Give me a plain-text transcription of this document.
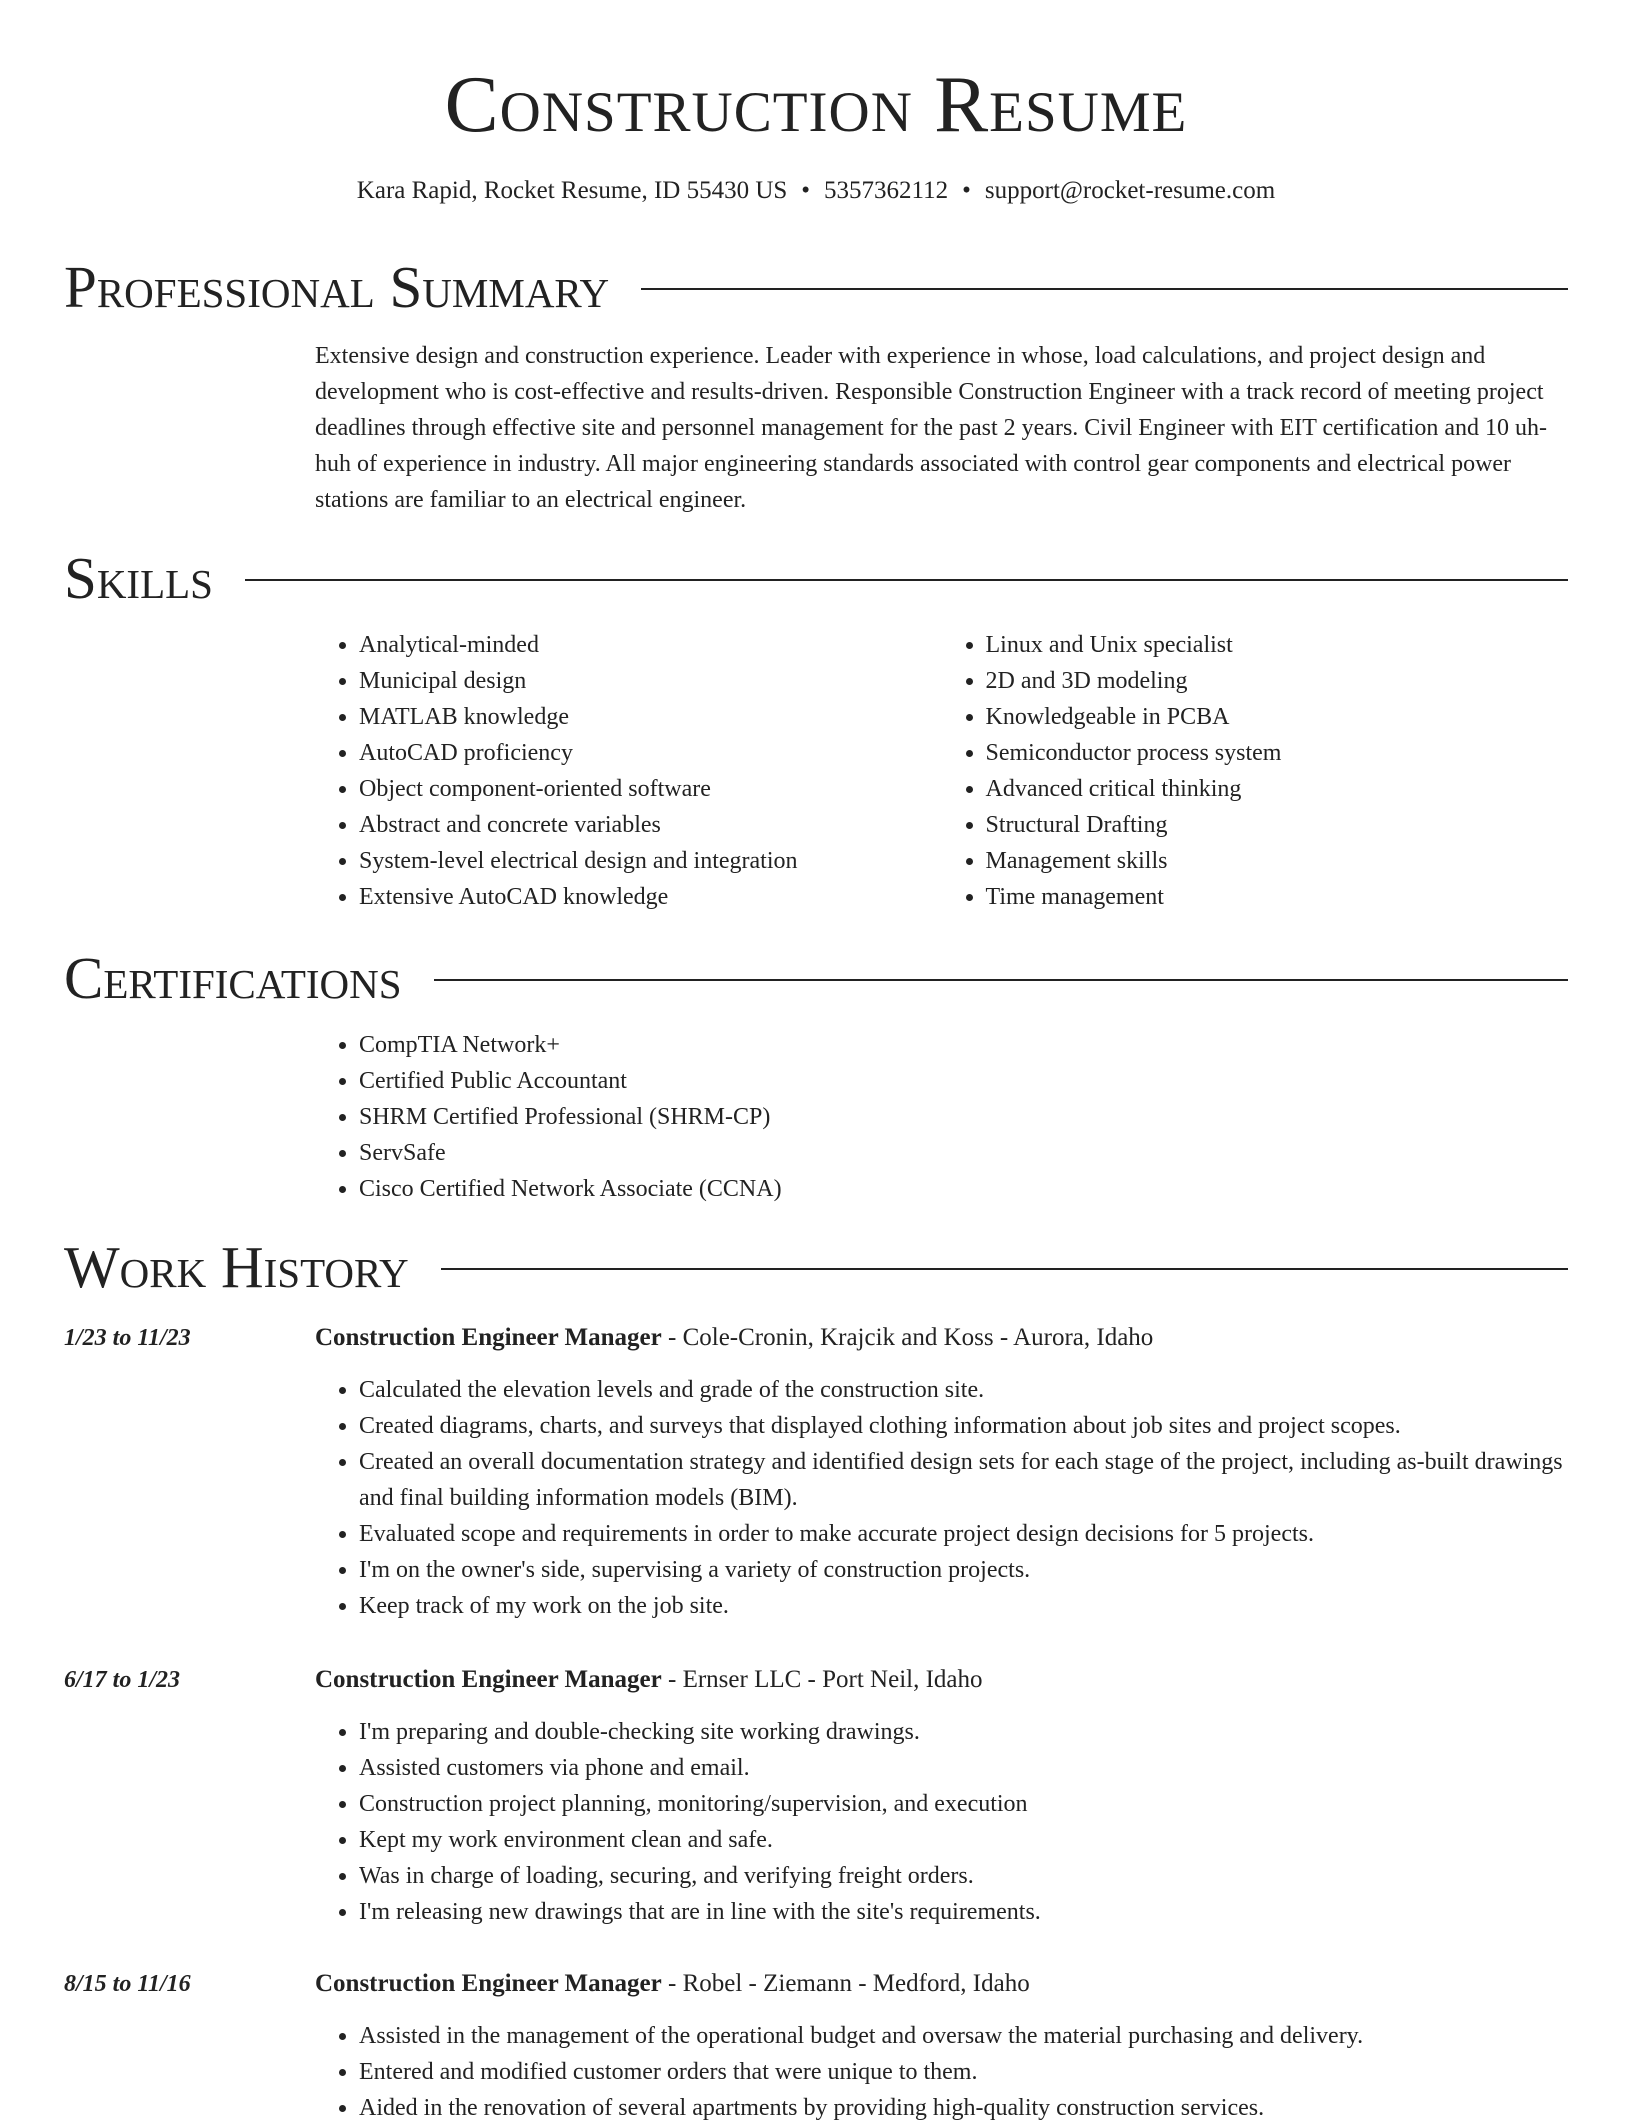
Construction Resume
Kara Rapid, Rocket Resume, ID 55430 US • 5357362112 • support@rocket-resume.com
Professional Summary

Extensive design and construction experience. Leader with experience in whose, load calculations, and project design and development who is cost-effective and results-driven. Responsible Construction Engineer with a track record of meeting project deadlines through effective site and personnel management for the past 2 years. Civil Engineer with EIT certification and 10 uh-huh of experience in industry. All major engineering standards associated with control gear components and electrical power stations are familiar to an electrical engineer.

Skills
• Analytical-minded
• Municipal design
• MATLAB knowledge
• AutoCAD proficiency
• Object component-oriented software
• Abstract and concrete variables
• System-level electrical design and integration
• Extensive AutoCAD knowledge
• Linux and Unix specialist
• 2D and 3D modeling
• Knowledgeable in PCBA
• Semiconductor process system
• Advanced critical thinking
• Structural Drafting
• Management skills
• Time management
Certifications
• CompTIA Network+
• Certified Public Accountant
• SHRM Certified Professional (SHRM-CP)
• ServSafe
• Cisco Certified Network Associate (CCNA)
Work History
1/23 to 11/23	Construction Engineer Manager - Cole-Cronin, Krajcik and Koss - Aurora, Idaho
• Calculated the elevation levels and grade of the construction site.
• Created diagrams, charts, and surveys that displayed clothing information about job sites and project scopes.
• Created an overall documentation strategy and identified design sets for each stage of the project, including as-built drawings and final building information models (BIM).
• Evaluated scope and requirements in order to make accurate project design decisions for 5 projects.
• I'm on the owner's side, supervising a variety of construction projects.
• Keep track of my work on the job site.
6/17 to 1/23	Construction Engineer Manager - Ernser LLC - Port Neil, Idaho
• I'm preparing and double-checking site working drawings.
• Assisted customers via phone and email.
• Construction project planning, monitoring/supervision, and execution
• Kept my work environment clean and safe.
• Was in charge of loading, securing, and verifying freight orders.
• I'm releasing new drawings that are in line with the site's requirements.
8/15 to 11/16	Construction Engineer Manager - Robel - Ziemann - Medford, Idaho
• Assisted in the management of the operational budget and oversaw the material purchasing and delivery.
• Entered and modified customer orders that were unique to them.
• Aided in the renovation of several apartments by providing high-quality construction services.
